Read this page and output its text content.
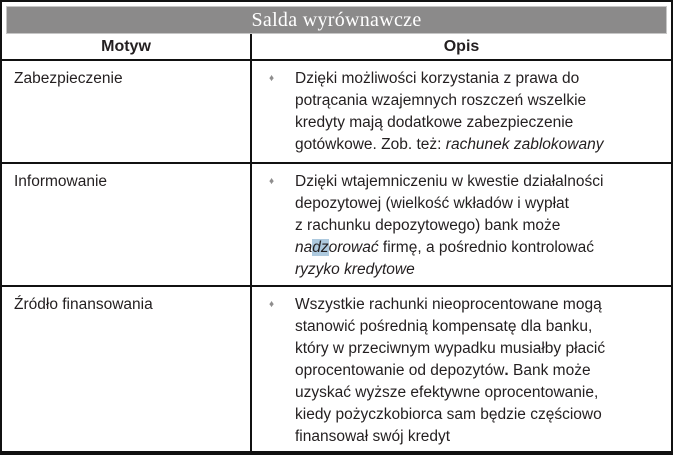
Salda wyrównawcze
Motyw	Opis
Zabezpieczenie	♦	Dzięki możliwości korzystania z prawa do
potrącania wzajemnych roszczeń wszelkie
kredyty mają dodatkowe zabezpieczenie
gotówkowe. Zob. też: rachunek zablokowany
Informowanie	♦	Dzięki wtajemniczeniu w kwestie działalności
depozytowej (wielkość wkładów i wypłat
z rachunku depozytowego) bank może
nadzorować firmę, a pośrednio kontrolować
ryzyko kredytowe
Źródło finansowania	♦	Wszystkie rachunki nieoprocentowane mogą
stanowić pośrednią kompensatę dla banku,
który w przeciwnym wypadku musiałby płacić
oprocentowanie od depozytów. Bank może
uzyskać wyższe efektywne oprocentowanie,
kiedy pożyczkobiorca sam będzie częściowo
finansował swój kredyt
